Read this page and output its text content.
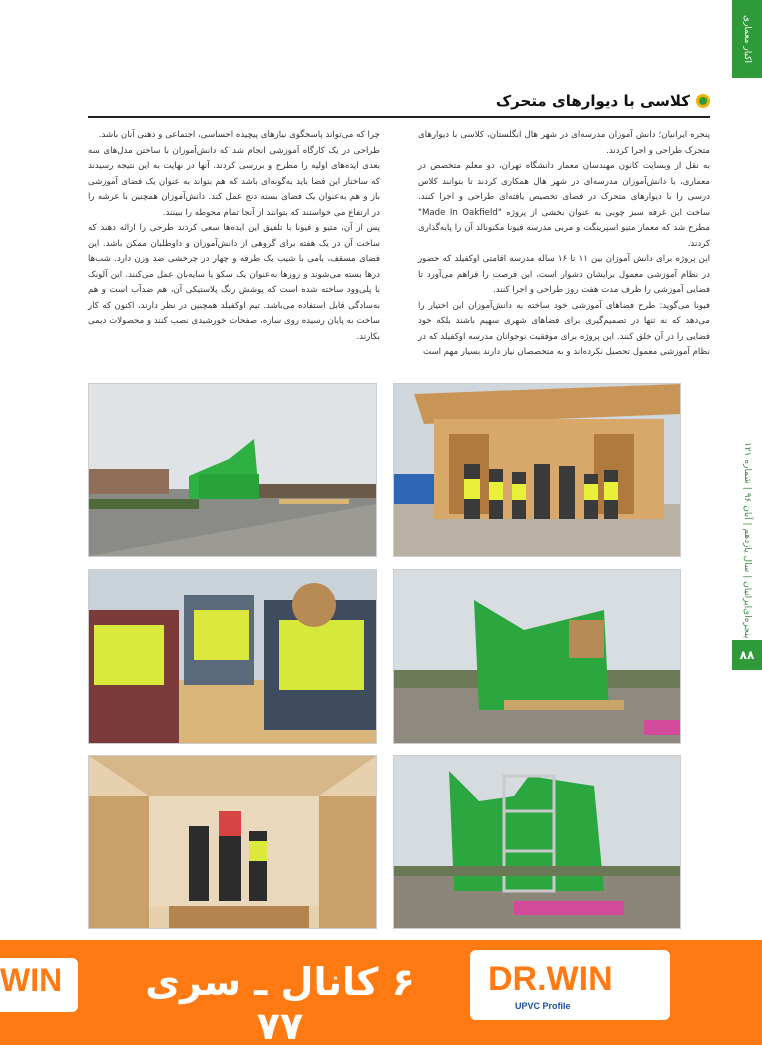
اکبار معماری
پنجره‌ای‌ایرانیان | سال یازدهم | آبان ۹۶ | شماره ۱۲۱
۸۸
کلاسی با دیوارهای متحرک

پنجره ایرانیان؛ دانش آموزان مدرسه‌ای در شهر هال انگلستان، کلاسی با دیوارهای متحرک طراحی و اجرا کردند.

به نقل از وبسایت کانون مهندسان معمار دانشگاه تهران، دو معلم متخصص در معماری، با دانش‌آموزان مدرسه‌ای در شهر هال همکاری کردند تا بتوانند کلاس درسی را با دیوارهای متحرک در فضای تخصیص یافته‌ای طراحی و اجرا کنند. ساخت این غرفه سبز چوبی به عنوان بخشی از پروژه "Made In Oakfield" مطرح شد که معمار متیو اسپرینگت و مربی مدرسه فیونا مکنونالد آن را پایه‌گذاری کردند.

این پروژه برای دانش آموزان بین ۱۱ تا ۱۶ ساله مدرسه اقامتی اوکفیلد که حضور در نظام آموزشی معمول برایشان دشوار است، این فرصت را فراهم می‌آورد تا فضایی آموزشی را ظرف مدت هفت روز طراحی و اجرا کنند.

فیونا می‌گوید: طرح فضاهای آموزشی خود ساخته به دانش‌آموزان این اختیار را می‌دهد که نه تنها در تصمیم‌گیری برای فضاهای شهری سهیم باشند بلکه خود فضایی را در آن خلق کنند. این پروژه برای موفقیت نوجوانان مدرسه اوکفیلد که در نظام آموزشی معمول تحصیل نکرده‌اند و به متخصصان نیاز دارند بسیار مهم است

چرا که می‌تواند پاسخگوی نیازهای پیچیده احساسی، اجتماعی و ذهنی آنان باشد.

طراحی در یک کارگاه آموزشی انجام شد که دانش‌آموزان با ساختن مدل‌های سه بعدی ایده‌های اولیه را مطرح و بررسی کردند. آنها در نهایت به این نتیجه رسیدند که ساختار این فضا باید به‌گونه‌ای باشد که هم بتواند به عنوان یک فضای آموزشی باز و هم به‌عنوان یک فضای بسته دنج عمل کند. دانش‌آموزان همچنین با عرشه را در ارتفاع می خواستند که بتوانند از آنجا تمام محوطه را ببینند.

پس از آن، متیو و فیونا با تلفیق این ایده‌ها سعی کردند طرحی را ارائه دهند که ساخت آن در یک هفته برای گروهی از دانش‌آموزان و داوطلبان ممکن باشد. این فضای مسقف، بامی با شیب یک طرفه و چهار در چرخشی ضد وزن دارد. شب‌ها درها بسته می‌شوند و روزها به‌عنوان یک سکو یا سایه‌بان عمل می‌کنند. این آلونک با پلی‌وود ساخته شده است که پوشش رنگ پلاستیکی آن، هم ضدآب است و هم به‌سادگی قابل استفاده می‌باشد. تیم اوکفیلد همچنین در نظر دارند، اکنون که کار ساخت به پایان رسیده روی سازه، صفحات خورشیدی نصب کنند و محصولات دیمی بکارند.

۶ کانال ـ سری ۷۷
DR.WIN
UPVC Profile
WIN
